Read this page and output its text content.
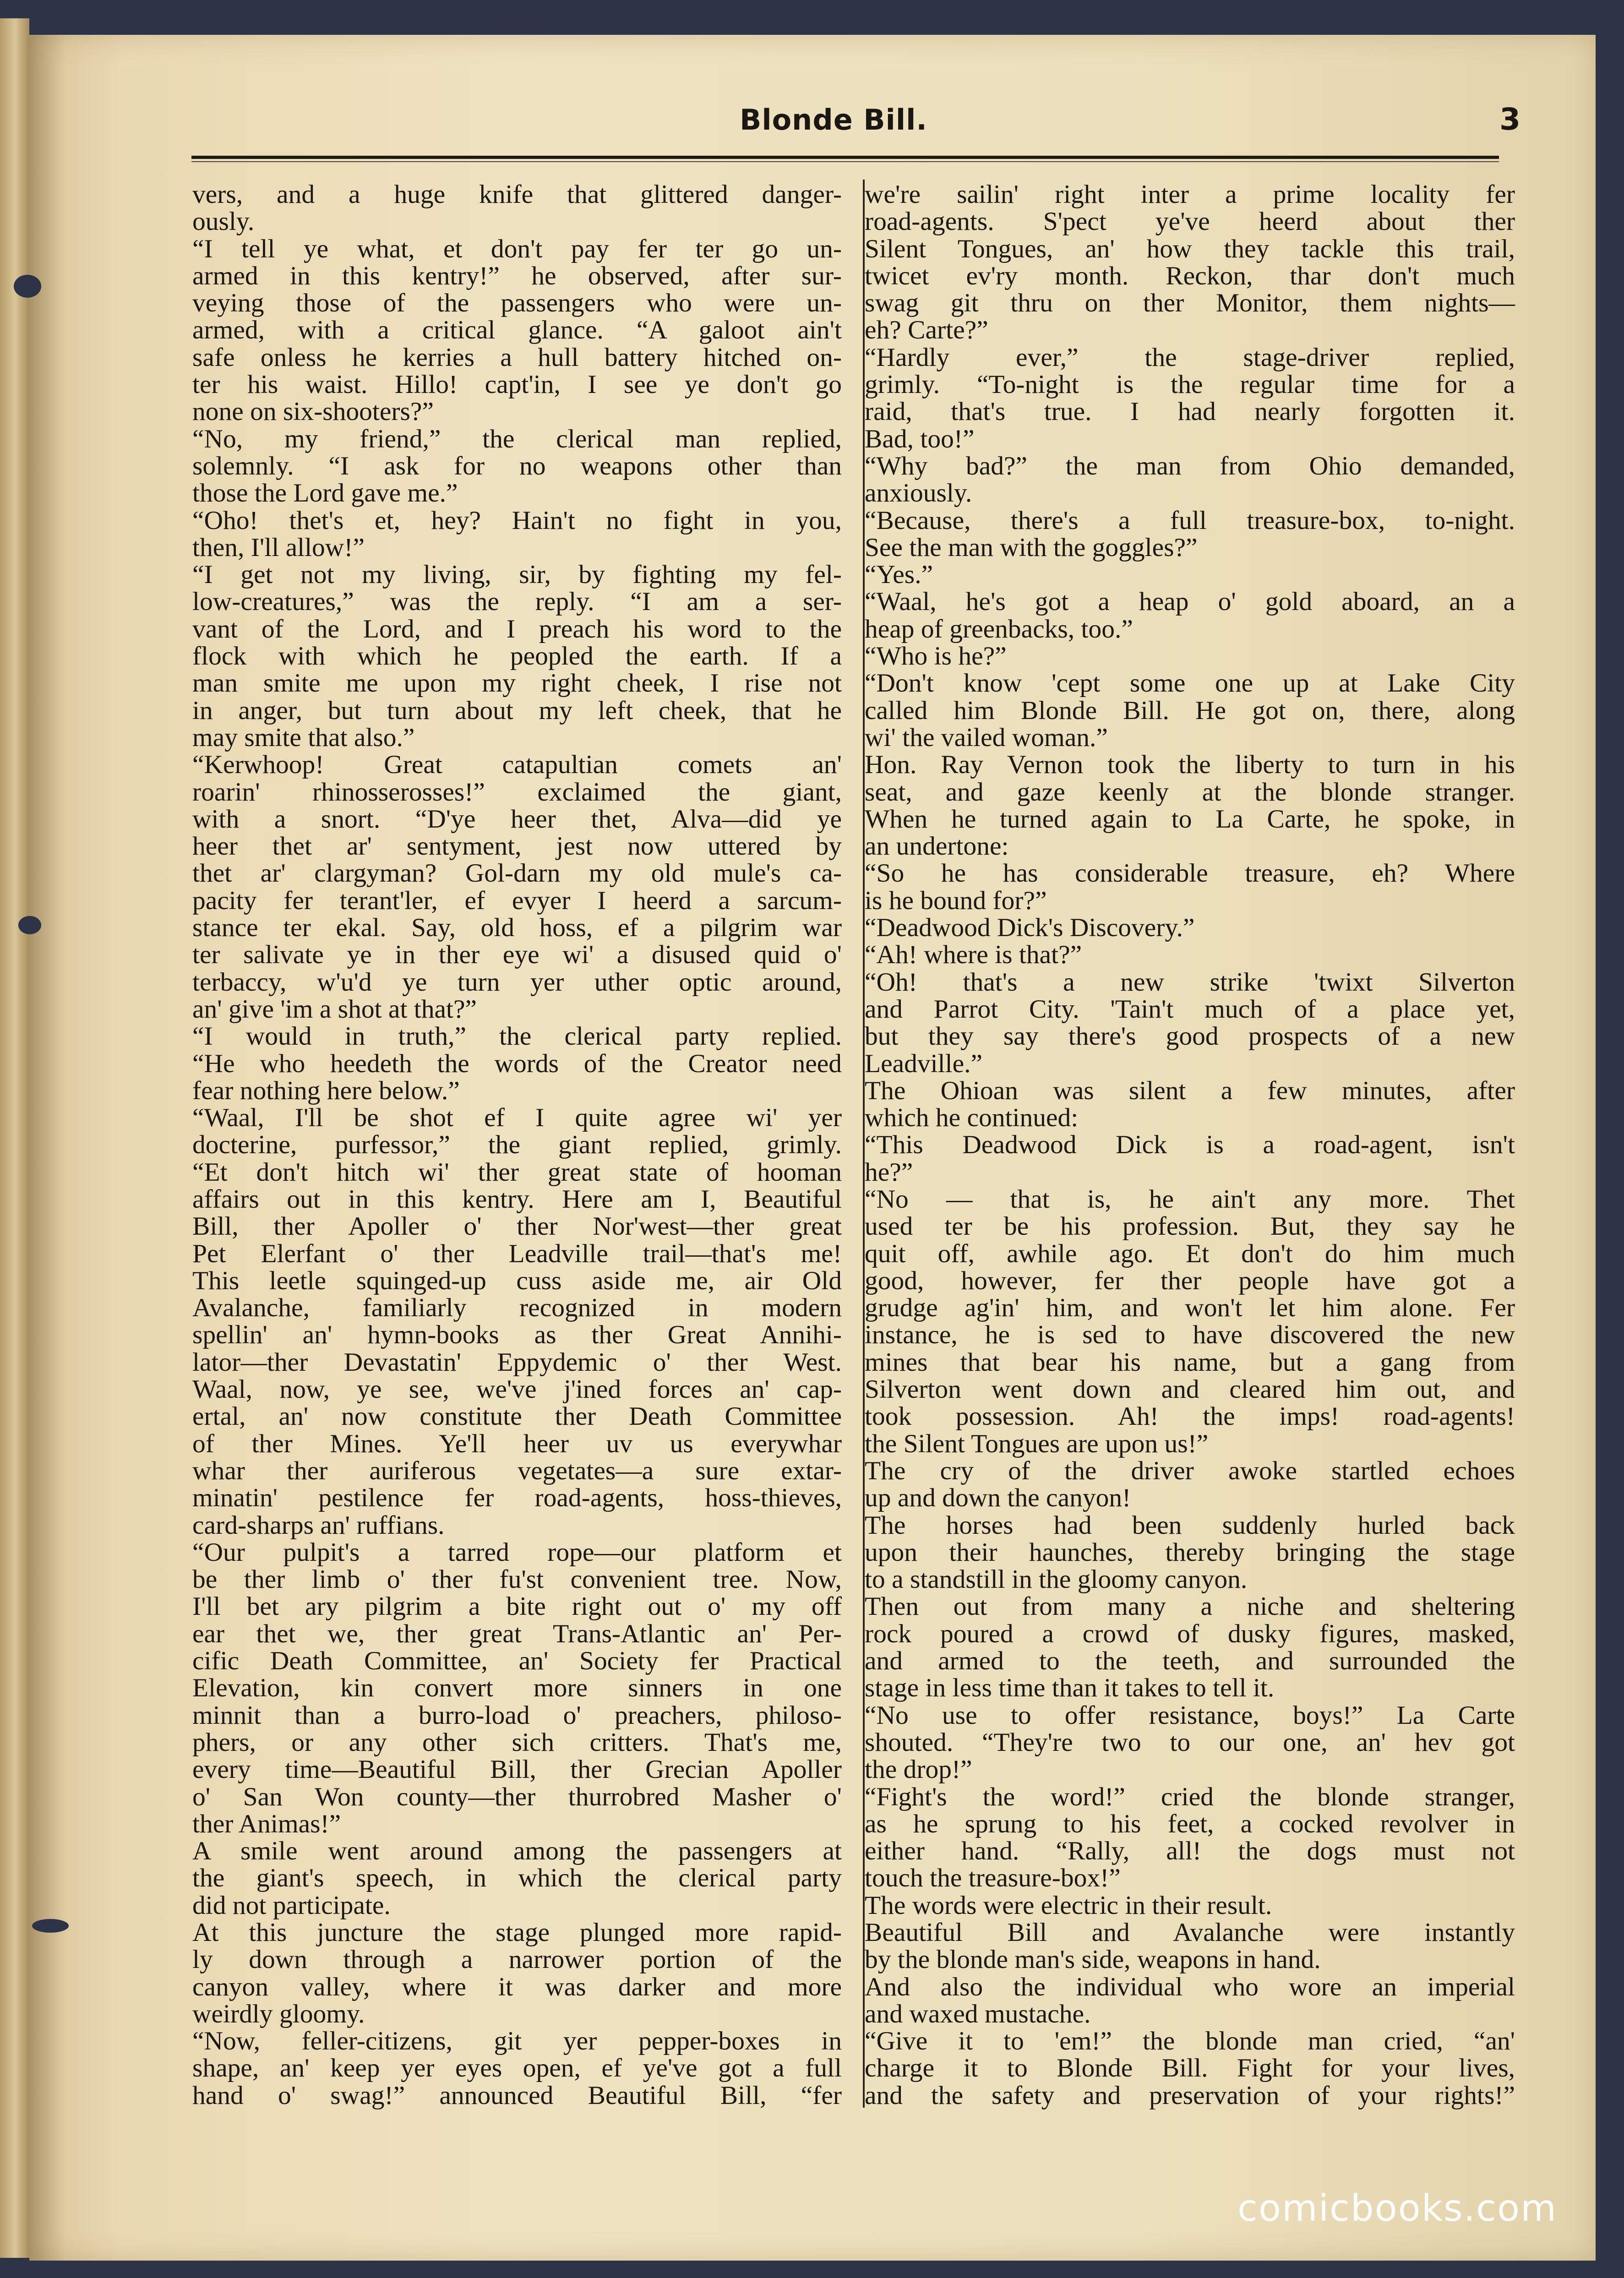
Blonde Bill.	3

vers, and a huge knife that glittered danger-

ously.

“I tell ye what, et don't pay fer ter go un-

armed in this kentry!” he observed, after sur-

veying those of the passengers who were un-

armed, with a critical glance. “A galoot ain't

safe onless he kerries a hull battery hitched on-

ter his waist. Hillo! capt'in, I see ye don't go

none on six-shooters?”

“No, my friend,” the clerical man replied,

solemnly. “I ask for no weapons other than

those the Lord gave me.”

“Oho! thet's et, hey? Hain't no fight in you,

then, I'll allow!”

“I get not my living, sir, by fighting my fel-

low-creatures,” was the reply. “I am a ser-

vant of the Lord, and I preach his word to the

flock with which he peopled the earth. If a

man smite me upon my right cheek, I rise not

in anger, but turn about my left cheek, that he

may smite that also.”

“Kerwhoop! Great catapultian comets an'

roarin' rhinosserosses!” exclaimed the giant,

with a snort. “D'ye heer thet, Alva—did ye

heer thet ar' sentyment, jest now uttered by

thet ar' clargyman? Gol-darn my old mule's ca-

pacity fer terant'ler, ef evyer I heerd a sarcum-

stance ter ekal. Say, old hoss, ef a pilgrim war

ter salivate ye in ther eye wi' a disused quid o'

terbaccy, w'u'd ye turn yer uther optic around,

an' give 'im a shot at that?”

“I would in truth,” the clerical party replied.

“He who heedeth the words of the Creator need

fear nothing here below.”

“Waal, I'll be shot ef I quite agree wi' yer

docterine, purfessor,” the giant replied, grimly.

“Et don't hitch wi' ther great state of hooman

affairs out in this kentry. Here am I, Beautiful

Bill, ther Apoller o' ther Nor'west—ther great

Pet Elerfant o' ther Leadville trail—that's me!

This leetle squinged-up cuss aside me, air Old

Avalanche, familiarly recognized in modern

spellin' an' hymn-books as ther Great Annihi-

lator—ther Devastatin' Eppydemic o' ther West.

Waal, now, ye see, we've j'ined forces an' cap-

ertal, an' now constitute ther Death Committee

of ther Mines. Ye'll heer uv us everywhar

whar ther auriferous vegetates—a sure extar-

minatin' pestilence fer road-agents, hoss-thieves,

card-sharps an' ruffians.

“Our pulpit's a tarred rope—our platform et

be ther limb o' ther fu'st convenient tree. Now,

I'll bet ary pilgrim a bite right out o' my off

ear thet we, ther great Trans-Atlantic an' Per-

cific Death Committee, an' Society fer Practical

Elevation, kin convert more sinners in one

minnit than a burro-load o' preachers, philoso-

phers, or any other sich critters. That's me,

every time—Beautiful Bill, ther Grecian Apoller

o' San Won county—ther thurrobred Masher o'

ther Animas!”

A smile went around among the passengers at

the giant's speech, in which the clerical party

did not participate.

At this juncture the stage plunged more rapid-

ly down through a narrower portion of the

canyon valley, where it was darker and more

weirdly gloomy.

“Now, feller-citizens, git yer pepper-boxes in

shape, an' keep yer eyes open, ef ye've got a full

hand o' swag!” announced Beautiful Bill, “fer

we're sailin' right inter a prime locality fer

road-agents. S'pect ye've heerd about ther

Silent Tongues, an' how they tackle this trail,

twicet ev'ry month. Reckon, thar don't much

swag git thru on ther Monitor, them nights—

eh? Carte?”

“Hardly ever,” the stage-driver replied,

grimly. “To-night is the regular time for a

raid, that's true. I had nearly forgotten it.

Bad, too!”

“Why bad?” the man from Ohio demanded,

anxiously.

“Because, there's a full treasure-box, to-night.

See the man with the goggles?”

“Yes.”

“Waal, he's got a heap o' gold aboard, an a

heap of greenbacks, too.”

“Who is he?”

“Don't know 'cept some one up at Lake City

called him Blonde Bill. He got on, there, along

wi' the vailed woman.”

Hon. Ray Vernon took the liberty to turn in his

seat, and gaze keenly at the blonde stranger.

When he turned again to La Carte, he spoke, in

an undertone:

“So he has considerable treasure, eh? Where

is he bound for?”

“Deadwood Dick's Discovery.”

“Ah! where is that?”

“Oh! that's a new strike 'twixt Silverton

and Parrot City. 'Tain't much of a place yet,

but they say there's good prospects of a new

Leadville.”

The Ohioan was silent a few minutes, after

which he continued:

“This Deadwood Dick is a road-agent, isn't

he?”

“No — that is, he ain't any more. Thet

used ter be his profession. But, they say he

quit off, awhile ago. Et don't do him much

good, however, fer ther people have got a

grudge ag'in' him, and won't let him alone. Fer

instance, he is sed to have discovered the new

mines that bear his name, but a gang from

Silverton went down and cleared him out, and

took possession. Ah! the imps! road-agents!

the Silent Tongues are upon us!”

The cry of the driver awoke startled echoes

up and down the canyon!

The horses had been suddenly hurled back

upon their haunches, thereby bringing the stage

to a standstill in the gloomy canyon.

Then out from many a niche and sheltering

rock poured a crowd of dusky figures, masked,

and armed to the teeth, and surrounded the

stage in less time than it takes to tell it.

“No use to offer resistance, boys!” La Carte

shouted. “They're two to our one, an' hev got

the drop!”

“Fight's the word!” cried the blonde stranger,

as he sprung to his feet, a cocked revolver in

either hand. “Rally, all! the dogs must not

touch the treasure-box!”

The words were electric in their result.

Beautiful Bill and Avalanche were instantly

by the blonde man's side, weapons in hand.

And also the individual who wore an imperial

and waxed mustache.

“Give it to 'em!” the blonde man cried, “an'

charge it to Blonde Bill. Fight for your lives,

and the safety and preservation of your rights!”

comicbooks.com
